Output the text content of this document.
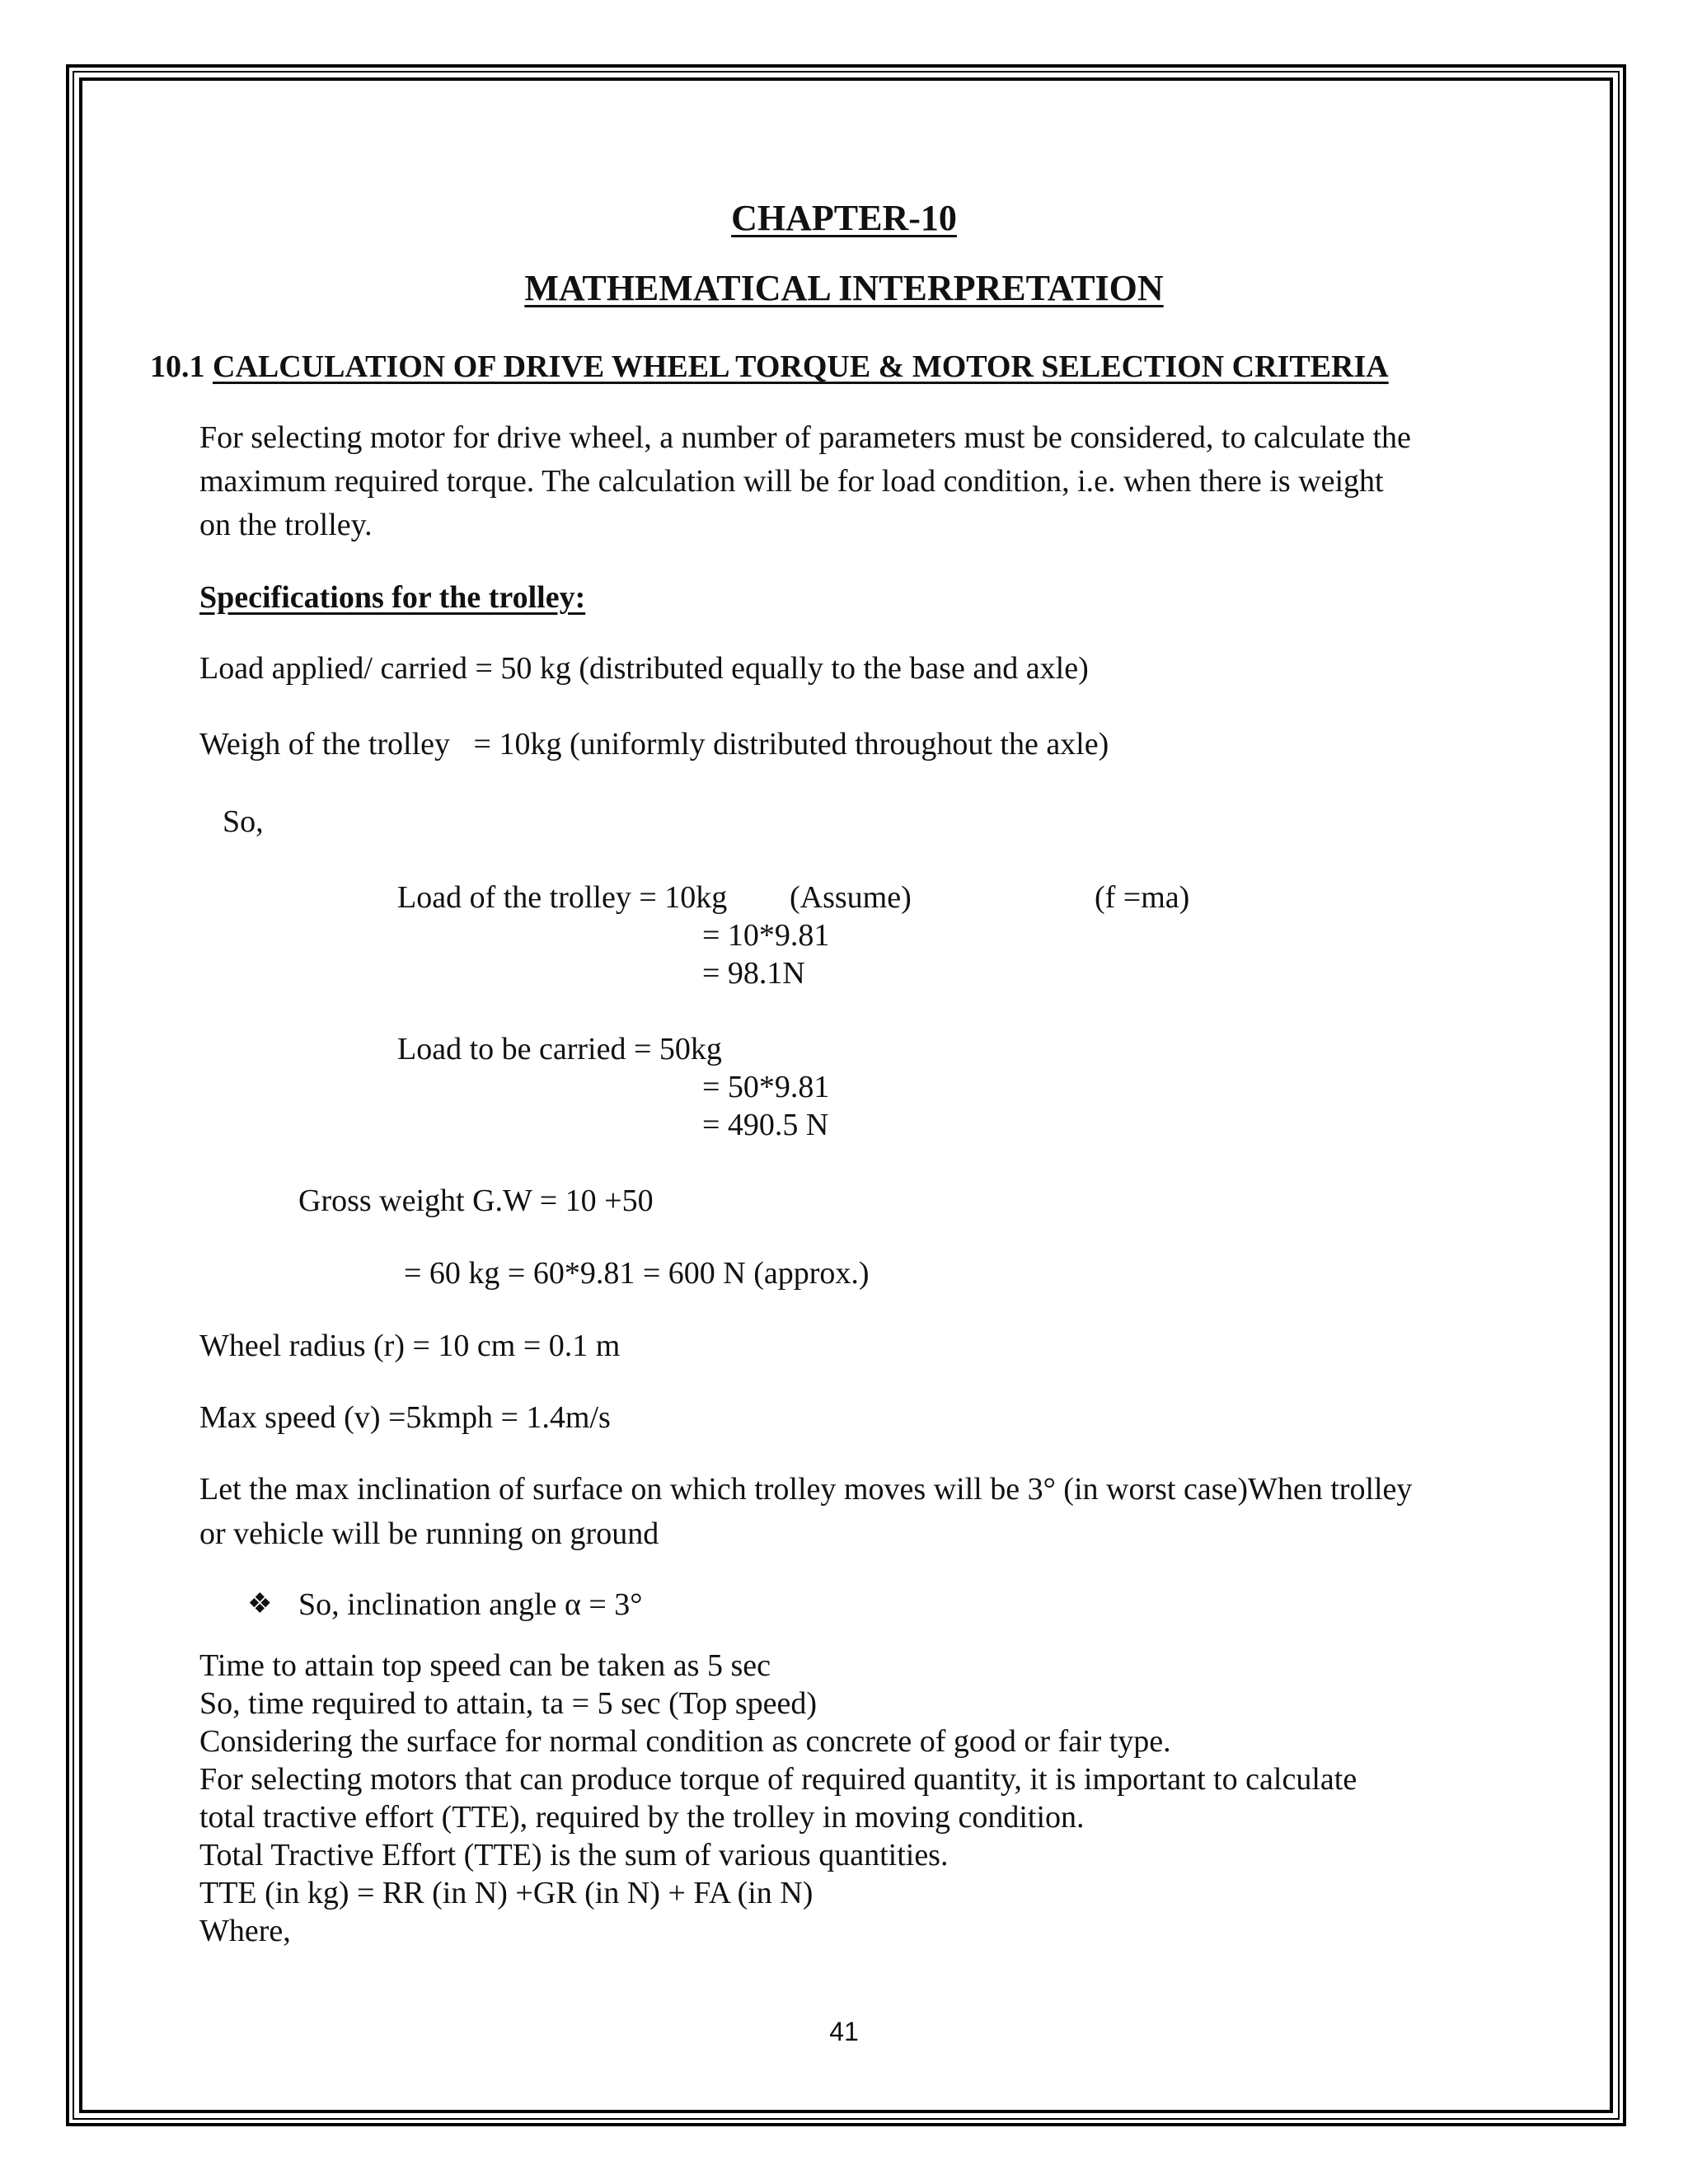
CHAPTER-10
MATHEMATICAL INTERPRETATION
10.1 CALCULATION OF DRIVE WHEEL TORQUE & MOTOR SELECTION CRITERIA
For selecting motor for drive wheel, a number of parameters must be considered, to calculate the
maximum required torque. The calculation will be for load condition, i.e. when there is weight
on the trolley.
Specifications for the trolley:
Load applied/ carried = 50 kg (distributed equally to the base and axle)
Weigh of the trolley   = 10kg (uniformly distributed throughout the axle)
So,
Load of the trolley = 10kg (Assume)	(f =ma)
= 10*9.81
= 98.1N
Load to be carried = 50kg
= 50*9.81
= 490.5 N
Gross weight G.W = 10 +50
= 60 kg = 60*9.81 = 600 N (approx.)
Wheel radius (r) = 10 cm = 0.1 m
Max speed (v) =5kmph = 1.4m/s
Let the max inclination of surface on which trolley moves will be 3° (in worst case)When trolley
or vehicle will be running on ground
❖ So, inclination angle α = 3°
Time to attain top speed can be taken as 5 sec
So, time required to attain, ta = 5 sec (Top speed)
Considering the surface for normal condition as concrete of good or fair type.
For selecting motors that can produce torque of required quantity, it is important to calculate
total tractive effort (TTE), required by the trolley in moving condition.
Total Tractive Effort (TTE) is the sum of various quantities.
TTE (in kg) = RR (in N) +GR (in N) + FA (in N)
Where,
41
